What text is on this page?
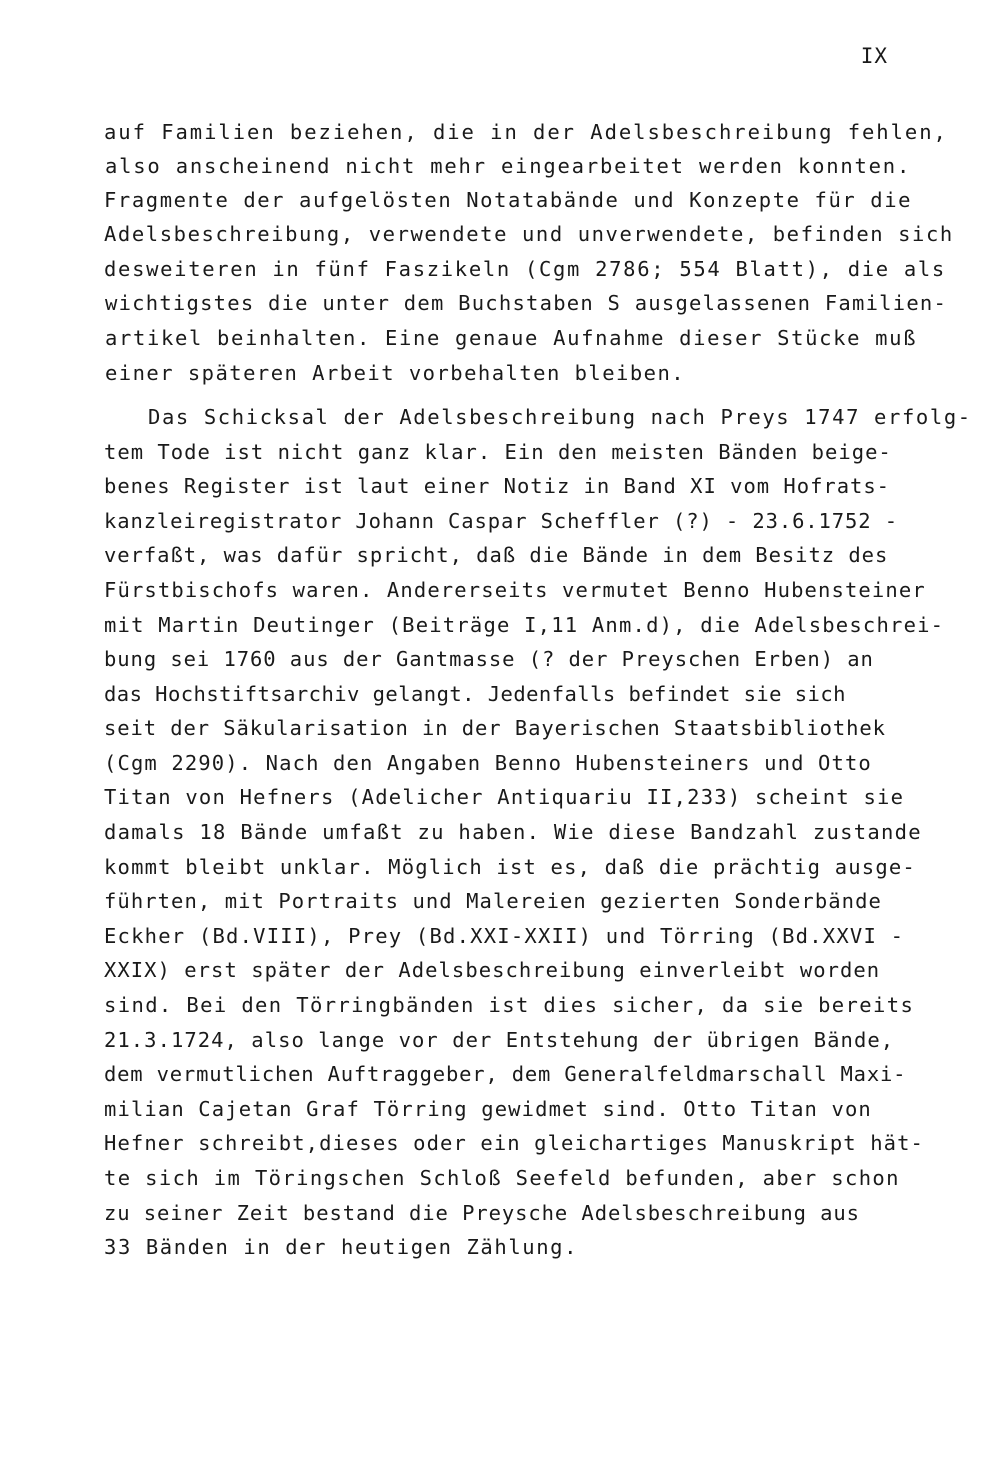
IX
auf Familien beziehen, die in der Adelsbeschreibung fehlen,
also anscheinend nicht mehr eingearbeitet werden konnten.
Fragmente der aufgelösten Notatabände und Konzepte für die
Adelsbeschreibung, verwendete und unverwendete, befinden sich
desweiteren in fünf Faszikeln (Cgm 2786; 554 Blatt), die als
wichtigstes die unter dem Buchstaben S ausgelassenen Familien-
artikel beinhalten. Eine genaue Aufnahme dieser Stücke muß
einer späteren Arbeit vorbehalten bleiben.
Das Schicksal der Adelsbeschreibung nach Preys 1747 erfolg-
tem Tode ist nicht ganz klar. Ein den meisten Bänden beige-
benes Register ist laut einer Notiz in Band XI vom Hofrats-
kanzleiregistrator Johann Caspar Scheffler (?) - 23.6.1752 -
verfaßt, was dafür spricht, daß die Bände in dem Besitz des
Fürstbischofs waren. Andererseits vermutet Benno Hubensteiner
mit Martin Deutinger (Beiträge I,11 Anm.d), die Adelsbeschrei-
bung sei 1760 aus der Gantmasse (? der Preyschen Erben) an
das Hochstiftsarchiv gelangt. Jedenfalls befindet sie sich
seit der Säkularisation in der Bayerischen Staatsbibliothek
(Cgm 2290). Nach den Angaben Benno Hubensteiners und Otto
Titan von Hefners (Adelicher Antiquariu II,233) scheint sie
damals 18 Bände umfaßt zu haben. Wie diese Bandzahl zustande
kommt bleibt unklar. Möglich ist es, daß die prächtig ausge-
führten, mit Portraits und Malereien gezierten Sonderbände
Eckher (Bd.VIII), Prey (Bd.XXI-XXII) und Törring (Bd.XXVI -
XXIX) erst später der Adelsbeschreibung einverleibt worden
sind. Bei den Törringbänden ist dies sicher, da sie bereits
21.3.1724, also lange vor der Entstehung der übrigen Bände,
dem vermutlichen Auftraggeber, dem Generalfeldmarschall Maxi-
milian Cajetan Graf Törring gewidmet sind. Otto Titan von
Hefner schreibt,dieses oder ein gleichartiges Manuskript hät-
te sich im Töringschen Schloß Seefeld befunden, aber schon
zu seiner Zeit bestand die Preysche Adelsbeschreibung aus
33 Bänden in der heutigen Zählung.
